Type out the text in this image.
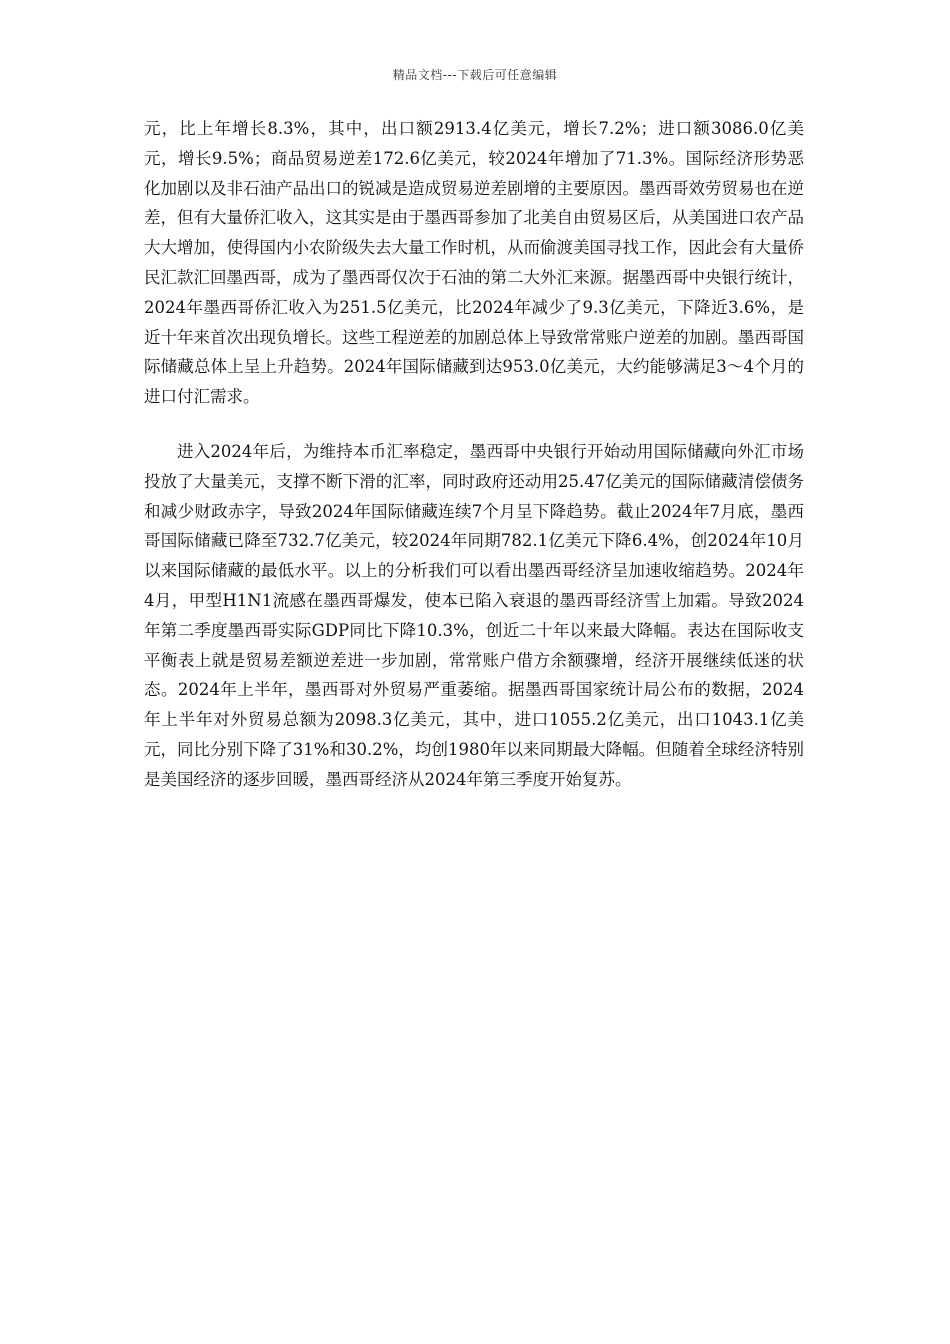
精品文档---下载后可任意编辑

元，比上年增长8.3%，其中，出口额2913.4亿美元，增长7.2%；进口额3086.0亿美元，增长9.5%；商品贸易逆差172.6亿美元，较2024年增加了71.3%。国际经济形势恶化加剧以及非石油产品出口的锐减是造成贸易逆差剧增的主要原因。墨西哥效劳贸易也在逆差，但有大量侨汇收入，这其实是由于墨西哥参加了北美自由贸易区后，从美国进口农产品大大增加，使得国内小农阶级失去大量工作时机，从而偷渡美国寻找工作，因此会有大量侨民汇款汇回墨西哥，成为了墨西哥仅次于石油的第二大外汇来源。据墨西哥中央银行统计，2024年墨西哥侨汇收入为251.5亿美元，比2024年减少了9.3亿美元，下降近3.6%，是近十年来首次出现负增长。这些工程逆差的加剧总体上导致常常账户逆差的加剧。墨西哥国际储藏总体上呈上升趋势。2024年国际储藏到达953.0亿美元，大约能够满足3～4个月的进口付汇需求。

进入2024年后，为维持本币汇率稳定，墨西哥中央银行开始动用国际储藏向外汇市场投放了大量美元，支撑不断下滑的汇率，同时政府还动用25.47亿美元的国际储藏清偿债务和减少财政赤字，导致2024年国际储藏连续7个月呈下降趋势。截止2024年7月底，墨西哥国际储藏已降至732.7亿美元，较2024年同期782.1亿美元下降6.4%，创2024年10月以来国际储藏的最低水平。以上的分析我们可以看出墨西哥经济呈加速收缩趋势。2024年4月，甲型H1N1流感在墨西哥爆发，使本已陷入衰退的墨西哥经济雪上加霜。导致2024年第二季度墨西哥实际GDP同比下降10.3%，创近二十年以来最大降幅。表达在国际收支平衡表上就是贸易差额逆差进一步加剧，常常账户借方余额骤增，经济开展继续低迷的状态。2024年上半年，墨西哥对外贸易严重萎缩。据墨西哥国家统计局公布的数据，2024年上半年对外贸易总额为2098.3亿美元，其中，进口1055.2亿美元，出口1043.1亿美元，同比分别下降了31%和30.2%，均创1980年以来同期最大降幅。但随着全球经济特别是美国经济的逐步回暖，墨西哥经济从2024年第三季度开始复苏。
